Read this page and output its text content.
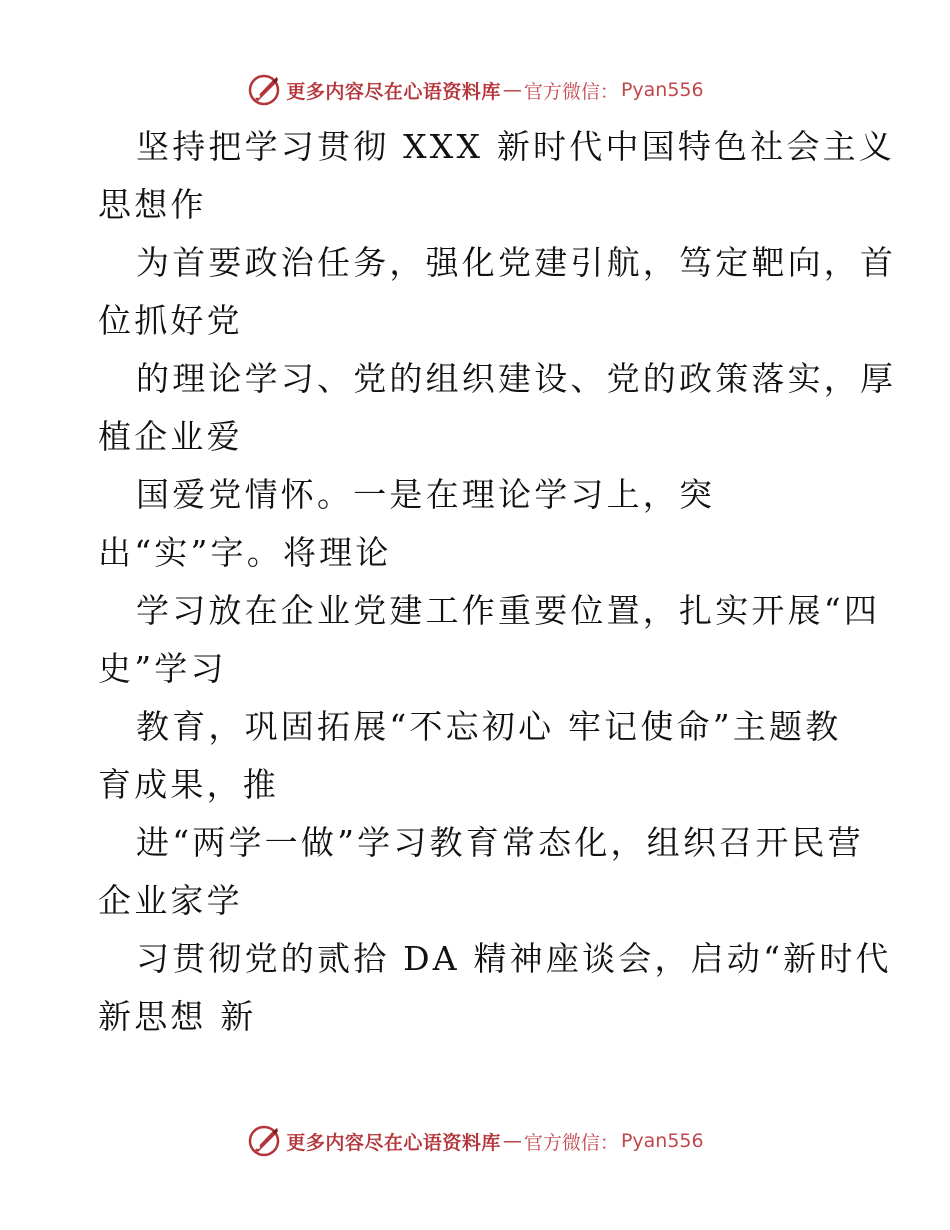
更多内容尽在心语资料库 — 官方微信： Pyan556
坚持把学习贯彻 XXX 新时代中国特色社会主义
思想作
为首要政治任务，强化党建引航，笃定靶向，首
位抓好党
的理论学习、党的组织建设、党的政策落实，厚
植企业爱
国爱党情怀。一是在理论学习上，突
出“实”字。将理论
学习放在企业党建工作重要位置，扎实开展“四
史”学习
教育，巩固拓展“不忘初心 牢记使命”主题教
育成果，推
进“两学一做”学习教育常态化，组织召开民营
企业家学
习贯彻党的贰拾 DA 精神座谈会，启动“新时代
新思想 新
更多内容尽在心语资料库 — 官方微信： Pyan556
